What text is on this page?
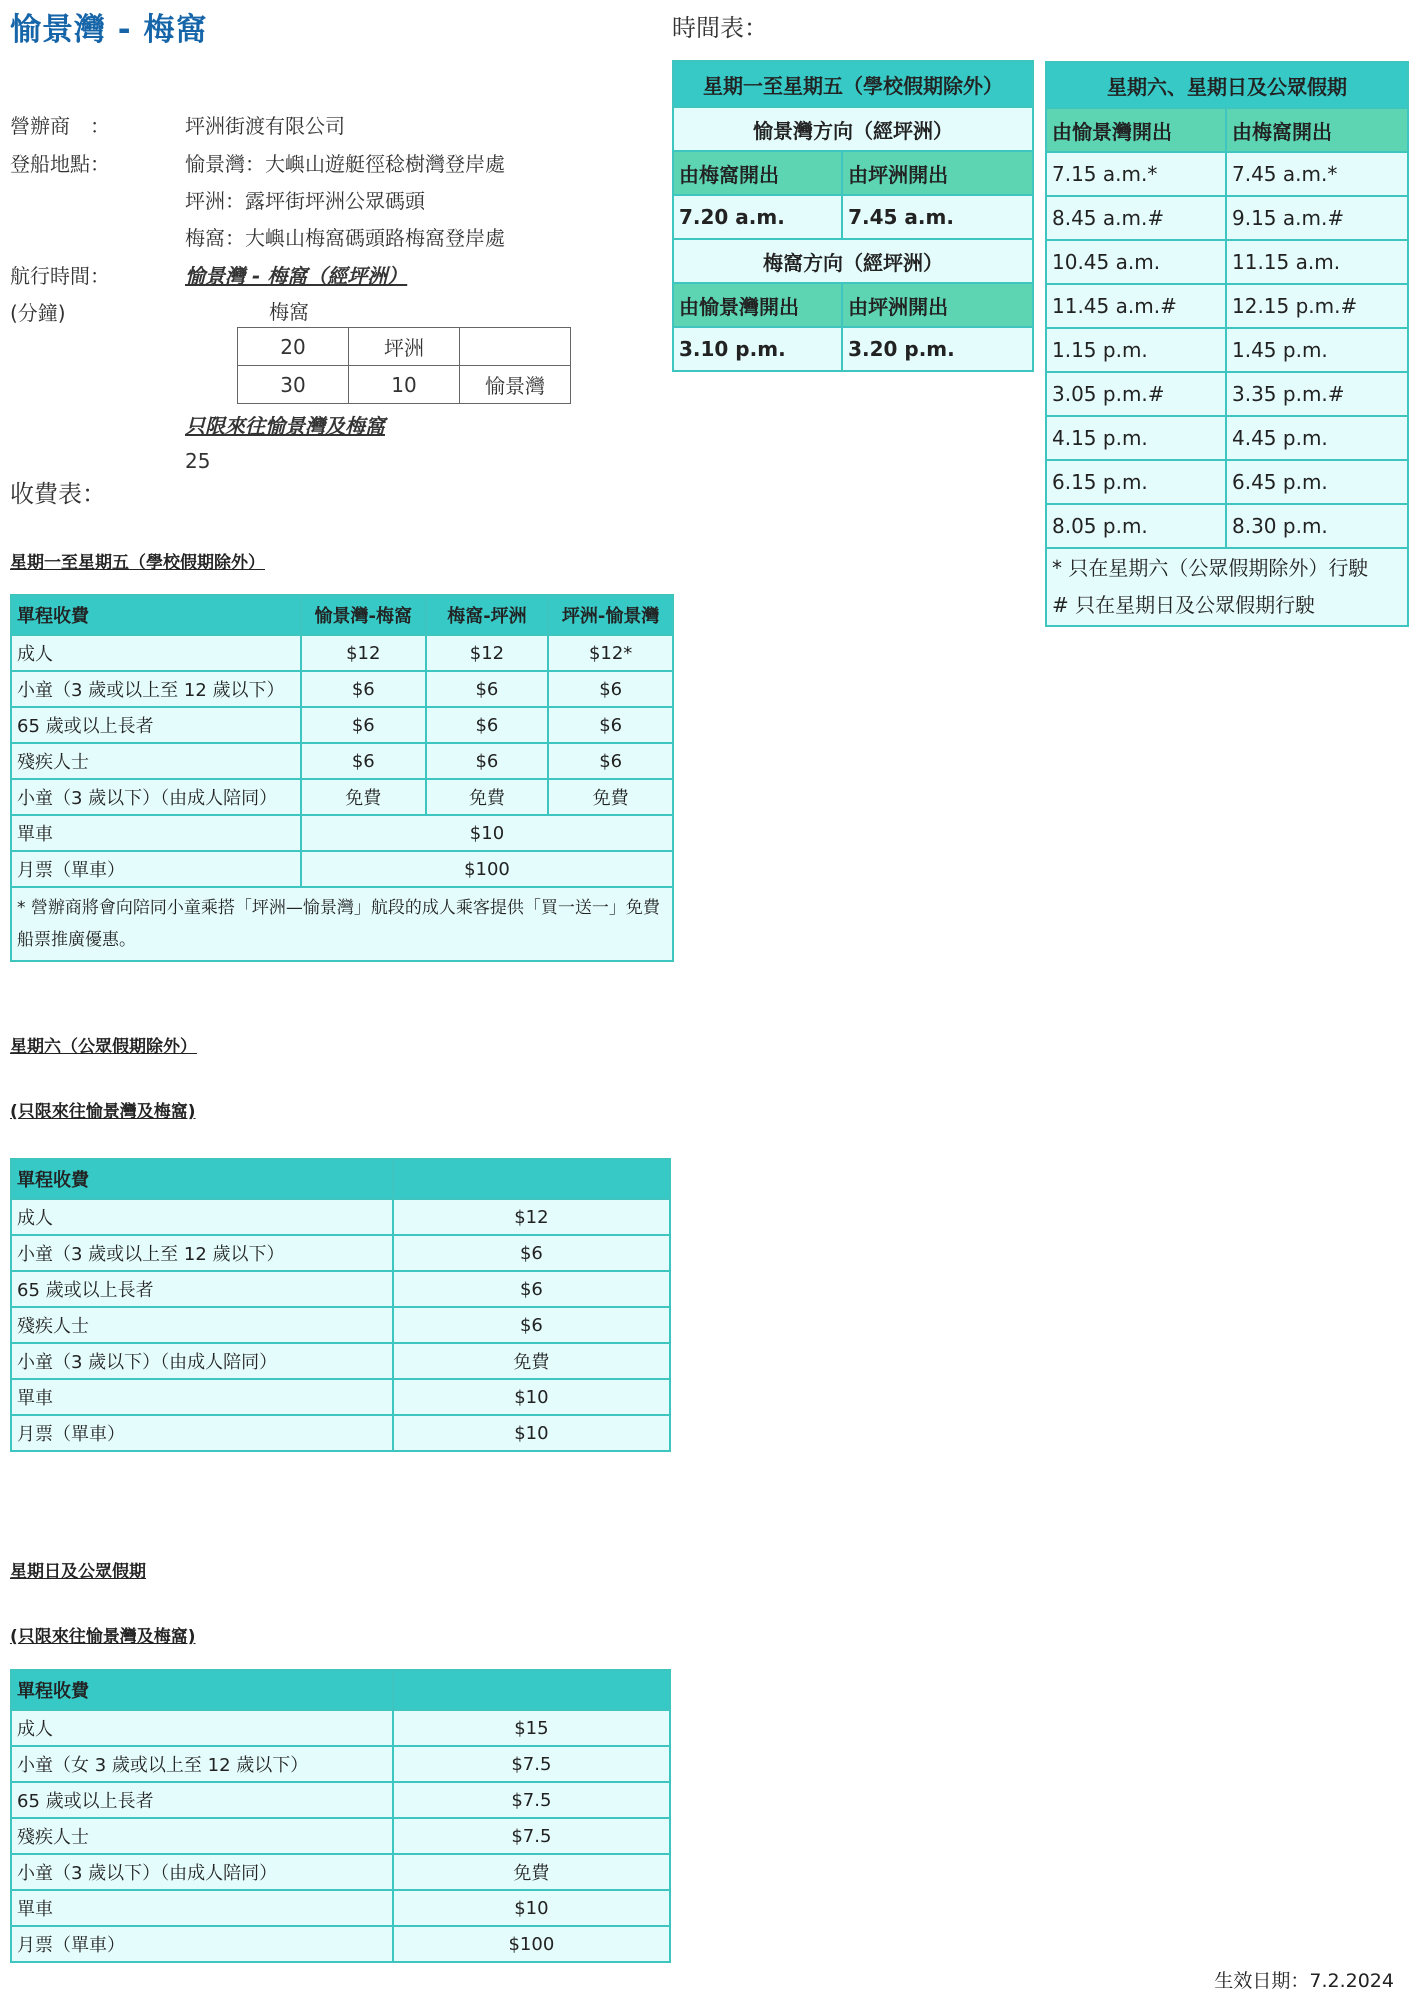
愉景灣 - 梅窩
營辦商　：	坪洲街渡有限公司
登船地點：	愉景灣：大嶼山遊艇徑稔樹灣登岸處
坪洲：露坪街坪洲公眾碼頭
梅窩：大嶼山梅窩碼頭路梅窩登岸處
航行時間：	愉景灣 - 梅窩（經坪洲）
(分鐘)	梅窩
20	坪洲	
30	10	愉景灣
只限來往愉景灣及梅窩
25
收費表：
時間表：
星期一至星期五（學校假期除外）
單程收費	愉景灣-梅窩	梅窩-坪洲	坪洲-愉景灣
成人	$12	$12	$12*
小童（3 歲或以上至 12 歲以下）	$6	$6	$6
65 歲或以上長者	$6	$6	$6
殘疾人士	$6	$6	$6
小童（3 歲以下）（由成人陪同）	免費	免費	免費
單車	$10		
月票（單車）	$100		
* 營辦商將會向陪同小童乘搭「坪洲—愉景灣」航段的成人乘客提供「買一送一」免費船票推廣優惠。			
星期六（公眾假期除外）
(只限來往愉景灣及梅窩)
單程收費	
成人	$12
小童（3 歲或以上至 12 歲以下）	$6
65 歲或以上長者	$6
殘疾人士	$6
小童（3 歲以下）（由成人陪同）	免費
單車	$10
月票（單車）	$10
星期日及公眾假期
(只限來往愉景灣及梅窩)
單程收費	
成人	$15
小童（女 3 歲或以上至 12 歲以下）	$7.5
65 歲或以上長者	$7.5
殘疾人士	$7.5
小童（3 歲以下）（由成人陪同）	免費
單車	$10
月票（單車）	$100
星期一至星期五（學校假期除外）	
愉景灣方向（經坪洲）	
由梅窩開出	由坪洲開出
7.20 a.m.	7.45 a.m.
梅窩方向（經坪洲）	
由愉景灣開出	由坪洲開出
3.10 p.m.	3.20 p.m.
星期六、星期日及公眾假期	
由愉景灣開出	由梅窩開出
7.15 a.m.*	7.45 a.m.*
8.45 a.m.#	9.15 a.m.#
10.45 a.m.	11.15 a.m.
11.45 a.m.#	12.15 p.m.#
1.15 p.m.	1.45 p.m.
3.05 p.m.#	3.35 p.m.#
4.15 p.m.	4.45 p.m.
6.15 p.m.	6.45 p.m.
8.05 p.m.	8.30 p.m.

* 只在星期六（公眾假期除外）行駛
# 只在星期日及公眾假期行駛	
生效日期：7.2.2024
